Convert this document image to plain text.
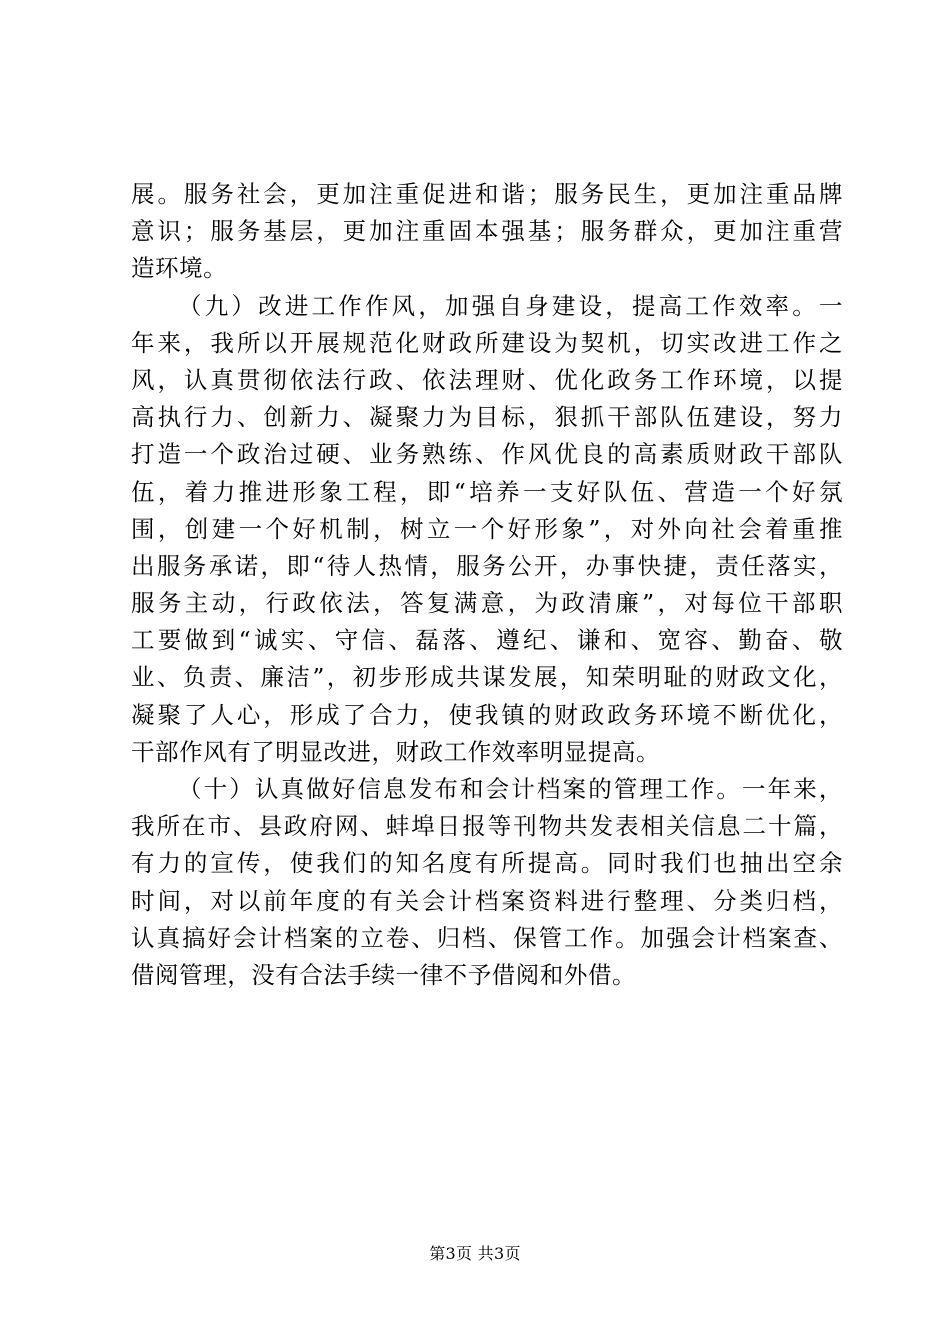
展。服务社会，更加注重促进和谐；服务民生，更加注重品牌
意识；服务基层，更加注重固本强基；服务群众，更加注重营
造环境。
（九）改进工作作风，加强自身建设，提高工作效率。一
年来，我所以开展规范化财政所建设为契机，切实改进工作之
风，认真贯彻依法行政、依法理财、优化政务工作环境，以提
高执行力、创新力、凝聚力为目标，狠抓干部队伍建设，努力
打造一个政治过硬、业务熟练、作风优良的高素质财政干部队
伍，着力推进形象工程，即“培养一支好队伍、营造一个好氛
围，创建一个好机制，树立一个好形象”，对外向社会着重推
出服务承诺，即“待人热情，服务公开，办事快捷，责任落实，
服务主动，行政依法，答复满意，为政清廉”，对每位干部职
工要做到“诚实、守信、磊落、遵纪、谦和、宽容、勤奋、敬
业、负责、廉洁”，初步形成共谋发展，知荣明耻的财政文化，
凝聚了人心，形成了合力，使我镇的财政政务环境不断优化，
干部作风有了明显改进，财政工作效率明显提高。
（十）认真做好信息发布和会计档案的管理工作。一年来，
我所在市、县政府网、蚌埠日报等刊物共发表相关信息二十篇，
有力的宣传，使我们的知名度有所提高。同时我们也抽出空余
时间，对以前年度的有关会计档案资料进行整理、分类归档，
认真搞好会计档案的立卷、归档、保管工作。加强会计档案查、
借阅管理，没有合法手续一律不予借阅和外借。
第3页 共3页
